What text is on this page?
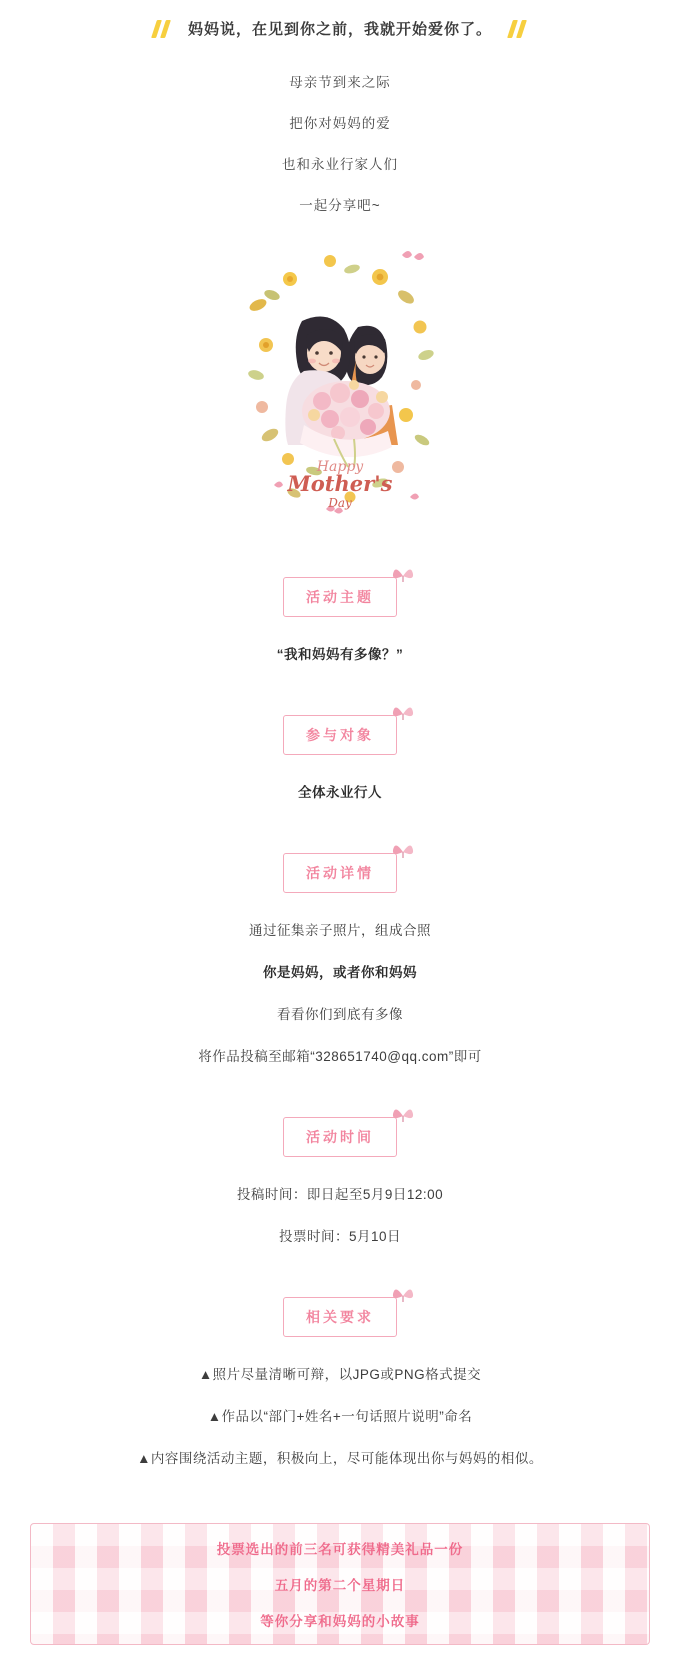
妈妈说，在见到你之前，我就开始爱你了。

母亲节到来之际

把你对妈妈的爱

也和永业行家人们

一起分享吧~

Happy
Mother's
Day
活动主题

“我和妈妈有多像？”

参与对象

全体永业行人

活动详情

通过征集亲子照片，组成合照

你是妈妈，或者你和妈妈

看看你们到底有多像

将作品投稿至邮箱“328651740@qq.com”即可

活动时间

投稿时间：即日起至5月9日12:00

投票时间：5月10日

相关要求

▲照片尽量清晰可辩，以JPG或PNG格式提交

▲作品以“部门+姓名+一句话照片说明”命名

▲内容围绕活动主题，积极向上，尽可能体现出你与妈妈的相似。

投票选出的前三名可获得精美礼品一份

五月的第二个星期日

等你分享和妈妈的小故事
